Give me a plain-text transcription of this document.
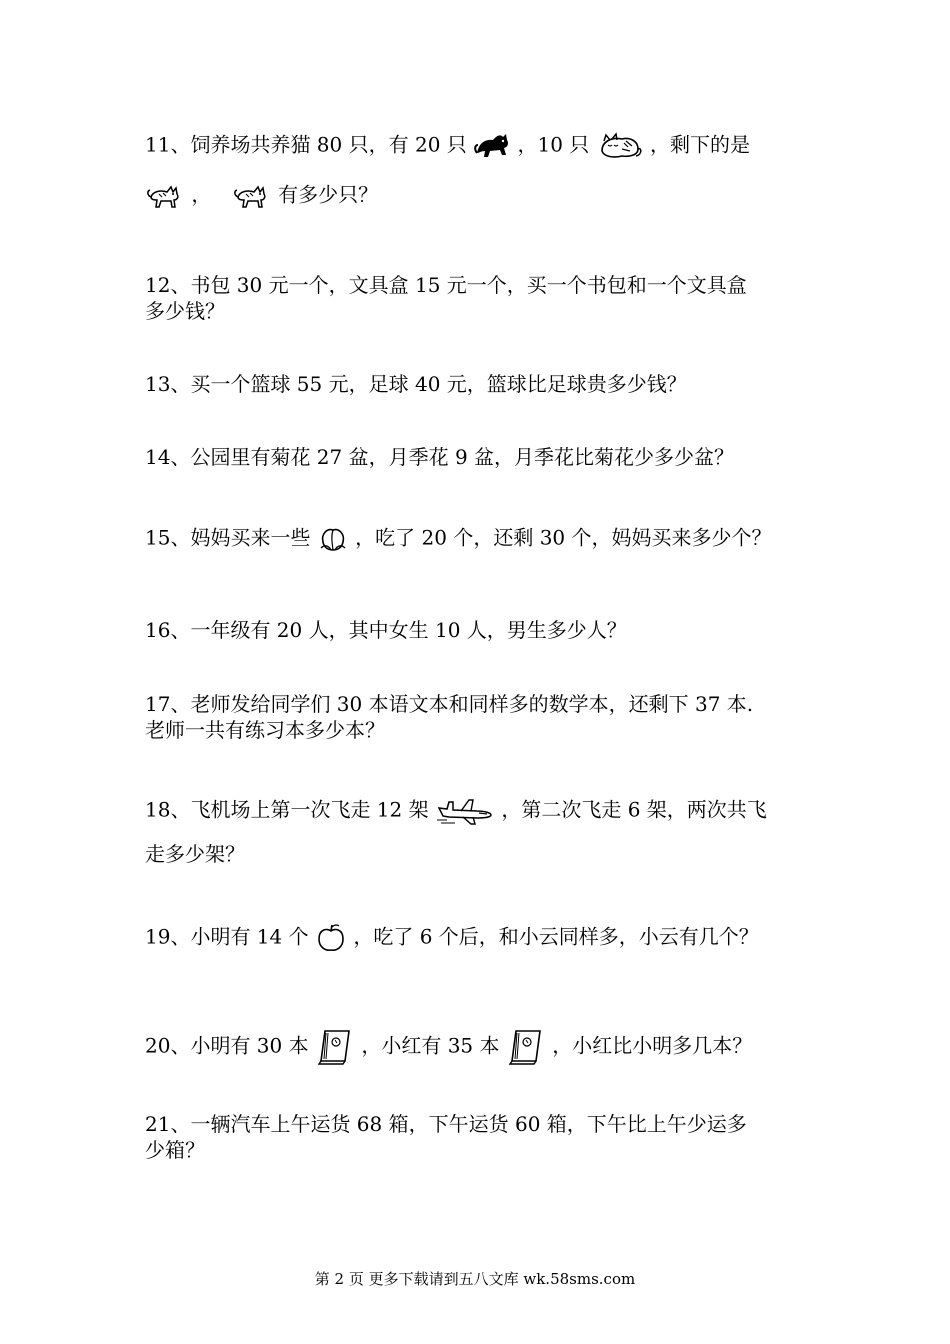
11、饲养场共养猫 80 只，有 20 只	，10 只	，剩下的是
，	有多少只？
12、书包 30 元一个，文具盒 15 元一个，买一个书包和一个文具盒
多少钱？
13、买一个篮球 55 元，足球 40 元，篮球比足球贵多少钱？
14、公园里有菊花 27 盆，月季花 9 盆，月季花比菊花少多少盆？
15、妈妈买来一些 ，吃了 20 个，还剩 30 个，妈妈买来多少个？
16、一年级有 20 人，其中女生 10 人，男生多少人？
17、老师发给同学们 30 本语文本和同样多的数学本，还剩下 37 本.
老师一共有练习本多少本？
18、飞机场上第一次飞走 12 架	，第二次飞走 6 架，两次共飞
走多少架？
19、小明有 14 个 ，吃了 6 个后，和小云同样多，小云有几个？
20、小明有 30 本	，小红有 35 本	，小红比小明多几本？
21、一辆汽车上午运货 68 箱，下午运货 60 箱，下午比上午少运多
少箱？
第 2 页 更多下载请到五八文库 wk.58sms.com
